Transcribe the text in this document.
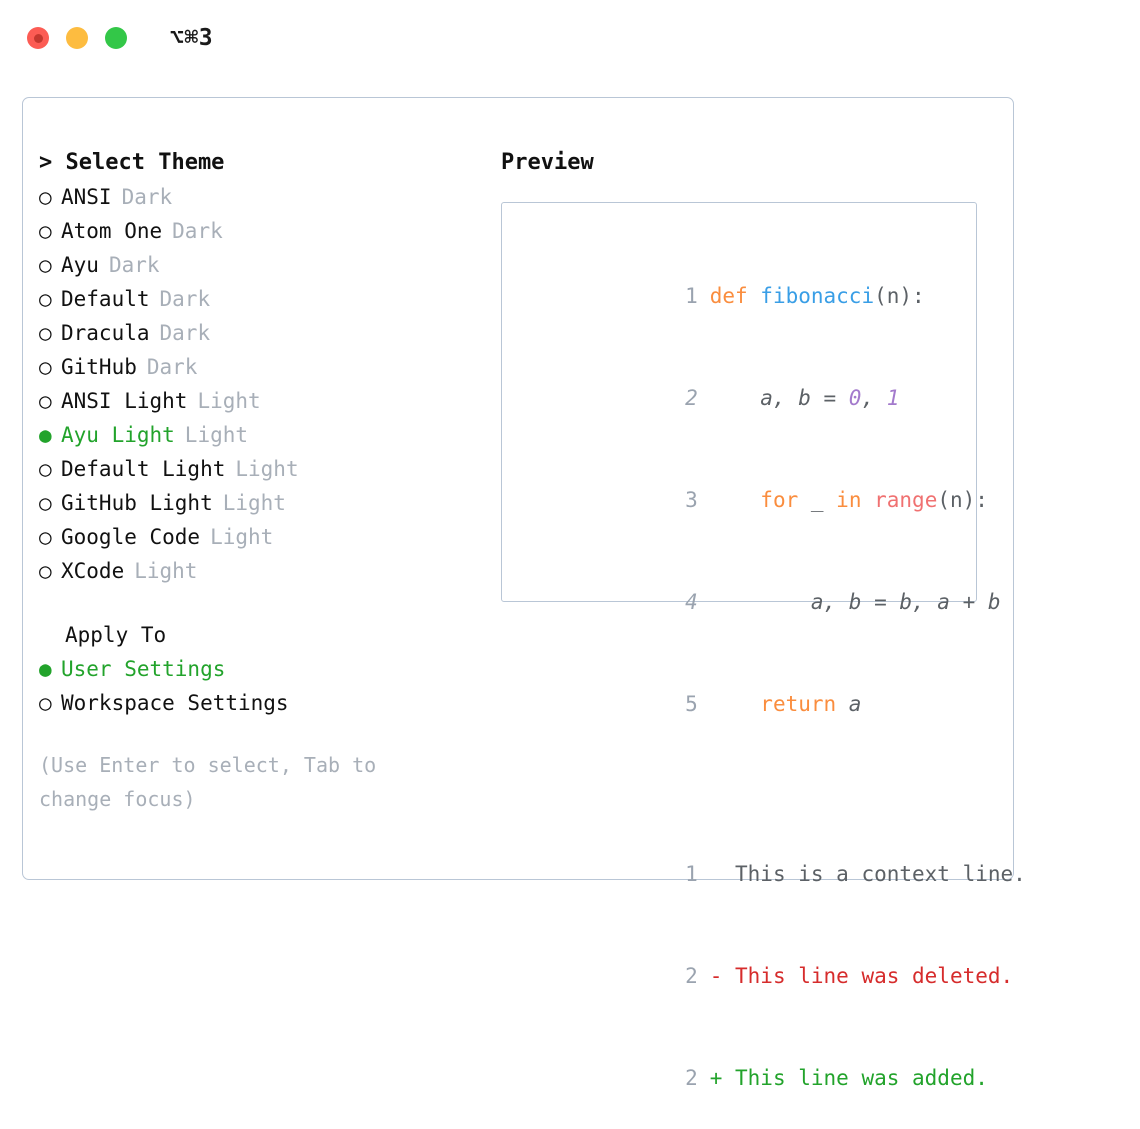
⌥⌘3
> Select Theme
○ ANSI Dark
○ Atom One Dark
○ Ayu Dark
○ Default Dark
○ Dracula Dark
○ GitHub Dark
○ ANSI Light Light
● Ayu Light Light
○ Default Light Light
○ GitHub Light Light
○ Google Code Light
○ XCode Light
Apply To
● User Settings
○ Workspace Settings
(Use Enter to select, Tab to change focus)
Preview

1 def fibonacci(n):

2    a, b = 0, 1

3	for _ in range(n):

4        a, b = b, a + b

5	return a

1 This is a context line.

2 - This line was deleted.

2 + This line was added.
